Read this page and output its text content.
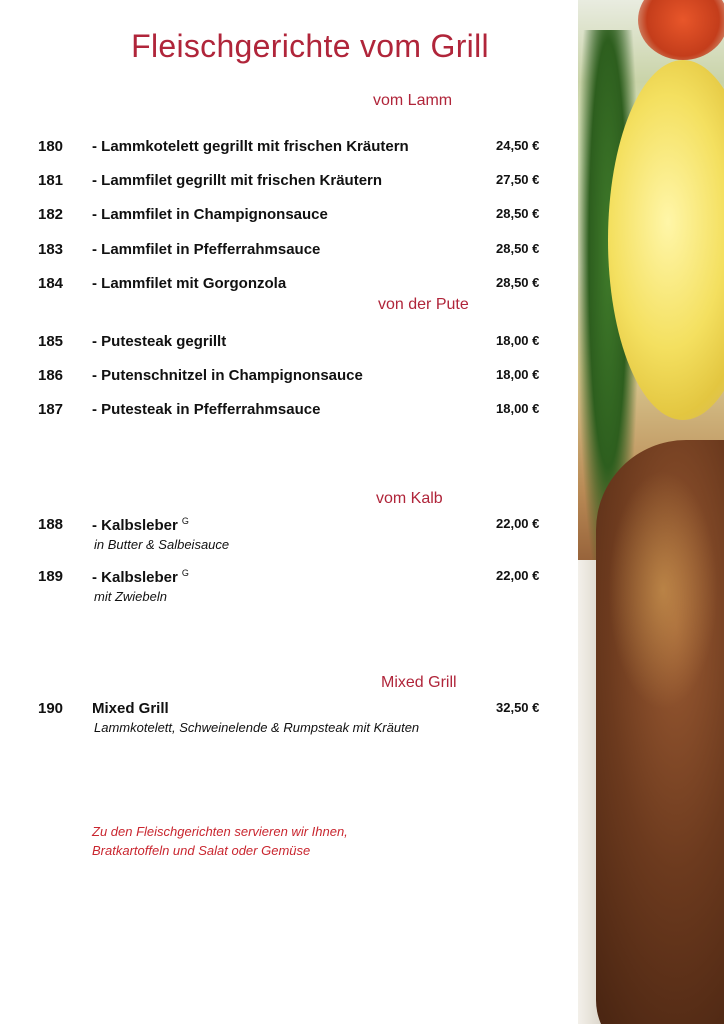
Fleischgerichte vom Grill
vom Lamm
180 - Lammkotelett gegrillt mit frischen Kräutern	24,50 €
181 - Lammfilet gegrillt mit frischen Kräutern	27,50 €
182 - Lammfilet in Champignonsauce	28,50 €
183 - Lammfilet in Pfefferrahmsauce	28,50 €
184 - Lammfilet mit Gorgonzola	28,50 €
von der Pute
185 - Putesteak gegrillt	18,00 €
186 - Putenschnitzel in Champignonsauce	18,00 €
187 - Putesteak in Pfefferrahmsauce	18,00 €
vom Kalb
188 - Kalbsleber $^G$	22,00 €
in Butter & Salbeisauce
189 - Kalbsleber $^G$	22,00 €
mit Zwiebeln
Mixed Grill
190 Mixed Grill	32,50 €
Lammkotelett, Schweinelende & Rumpsteak mit Kräuten
Zu den Fleischgerichten servieren wir Ihnen,
Bratkartoffeln und Salat oder Gemüse
